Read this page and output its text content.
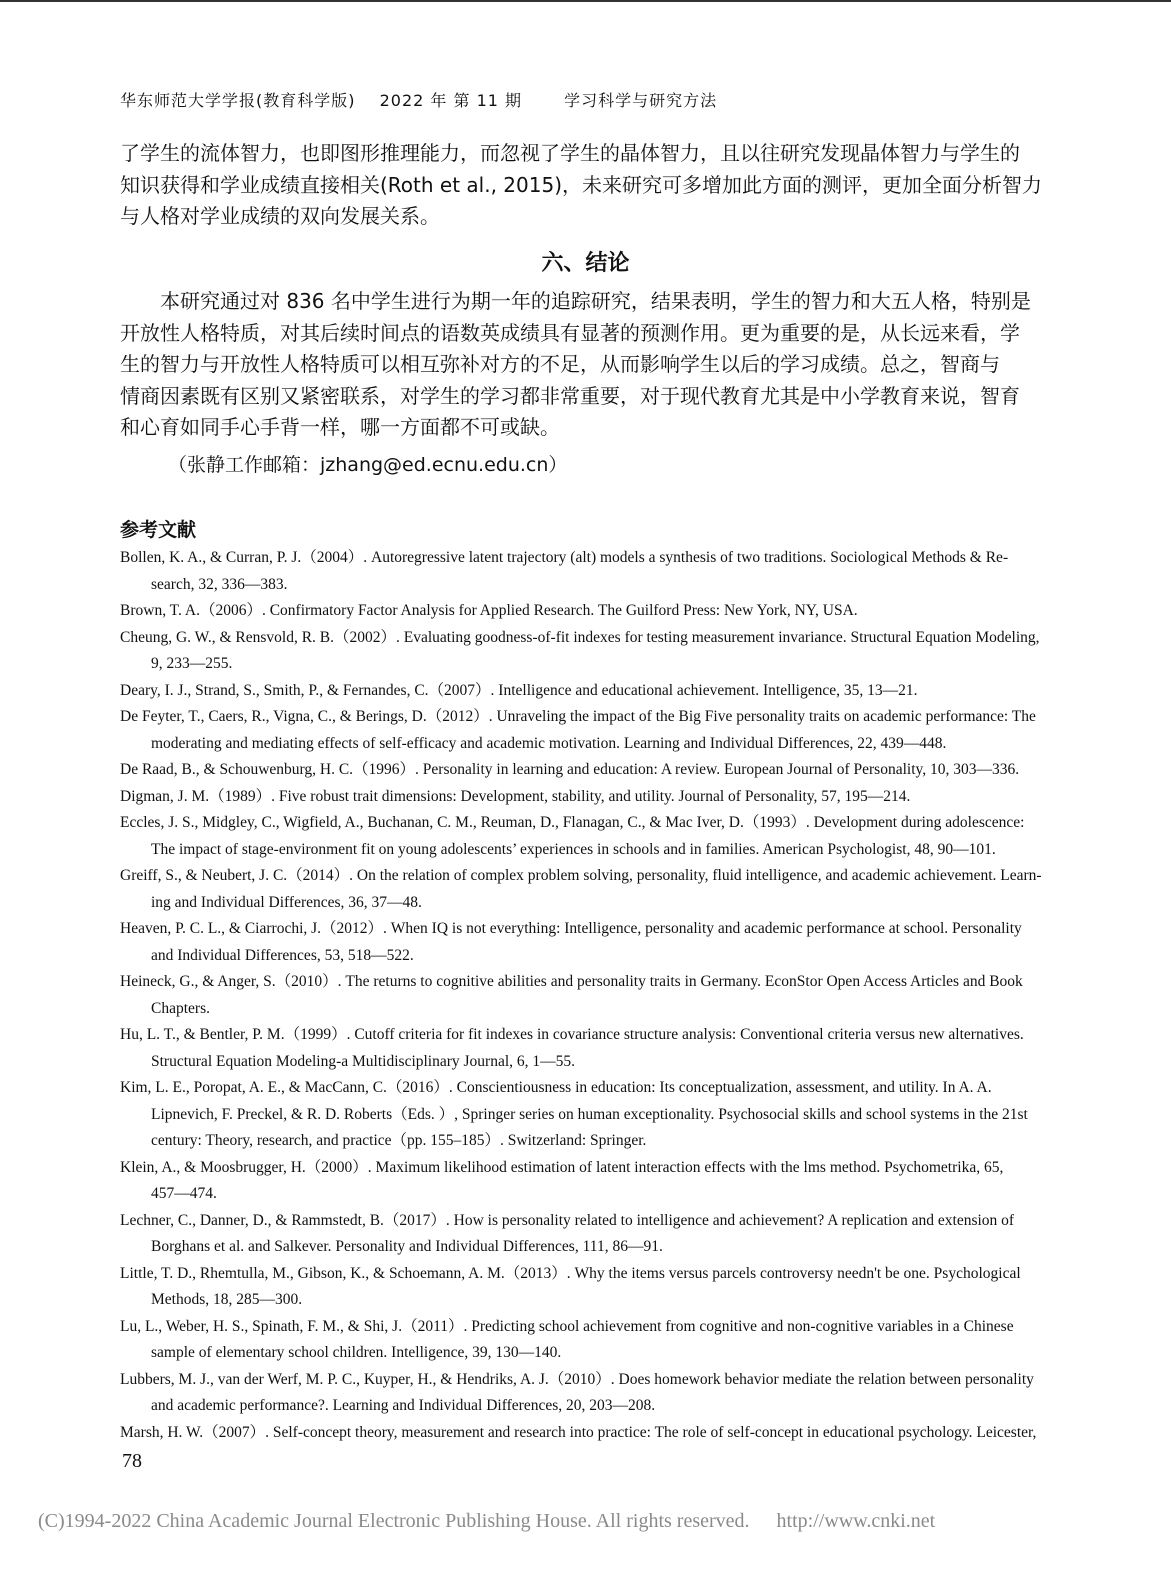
华东师范大学学报(教育科学版) 2022 年 第 11 期	学习科学与研究方法
了学生的流体智力，也即图形推理能力，而忽视了学生的晶体智力，且以往研究发现晶体智力与学生的
知识获得和学业成绩直接相关(Roth et al., 2015)，未来研究可多增加此方面的测评，更加全面分析智力
与人格对学业成绩的双向发展关系。
六、结论
　　本研究通过对 836 名中学生进行为期一年的追踪研究，结果表明，学生的智力和大五人格，特别是
开放性人格特质，对其后续时间点的语数英成绩具有显著的预测作用。更为重要的是，从长远来看，学
生的智力与开放性人格特质可以相互弥补对方的不足，从而影响学生以后的学习成绩。总之，智商与
情商因素既有区别又紧密联系，对学生的学习都非常重要，对于现代教育尤其是中小学教育来说，智育
和心育如同手心手背一样，哪一方面都不可或缺。
（张静工作邮箱：jzhang@ed.ecnu.edu.cn）
参考文献
Bollen, K. A., & Curran, P. J.（2004）. Autoregressive latent trajectory (alt) models a synthesis of two traditions. Sociological Methods & Re-
search, 32, 336—383.
Brown, T. A.（2006）. Confirmatory Factor Analysis for Applied Research. The Guilford Press: New York, NY, USA.
Cheung, G. W., & Rensvold, R. B.（2002）. Evaluating goodness-of-fit indexes for testing measurement invariance. Structural Equation Modeling,
9, 233—255.
Deary, I. J., Strand, S., Smith, P., & Fernandes, C.（2007）. Intelligence and educational achievement. Intelligence, 35, 13—21.
De Feyter, T., Caers, R., Vigna, C., & Berings, D.（2012）. Unraveling the impact of the Big Five personality traits on academic performance: The
moderating and mediating effects of self-efficacy and academic motivation. Learning and Individual Differences, 22, 439—448.
De Raad, B., & Schouwenburg, H. C.（1996）. Personality in learning and education: A review. European Journal of Personality, 10, 303—336.
Digman, J. M.（1989）. Five robust trait dimensions: Development, stability, and utility. Journal of Personality, 57, 195—214.
Eccles, J. S., Midgley, C., Wigfield, A., Buchanan, C. M., Reuman, D., Flanagan, C., & Mac Iver, D.（1993）. Development during adolescence:
The impact of stage-environment fit on young adolescents’ experiences in schools and in families. American Psychologist, 48, 90—101.
Greiff, S., & Neubert, J. C.（2014）. On the relation of complex problem solving, personality, fluid intelligence, and academic achievement. Learn-
ing and Individual Differences, 36, 37—48.
Heaven, P. C. L., & Ciarrochi, J.（2012）. When IQ is not everything: Intelligence, personality and academic performance at school. Personality
and Individual Differences, 53, 518—522.
Heineck, G., & Anger, S.（2010）. The returns to cognitive abilities and personality traits in Germany. EconStor Open Access Articles and Book
Chapters.
Hu, L. T., & Bentler, P. M.（1999）. Cutoff criteria for fit indexes in covariance structure analysis: Conventional criteria versus new alternatives.
Structural Equation Modeling-a Multidisciplinary Journal, 6, 1—55.
Kim, L. E., Poropat, A. E., & MacCann, C.（2016）. Conscientiousness in education: Its conceptualization, assessment, and utility. In A. A.
Lipnevich, F. Preckel, & R. D. Roberts（Eds. ）, Springer series on human exceptionality. Psychosocial skills and school systems in the 21st
century: Theory, research, and practice（pp. 155–185）. Switzerland: Springer.
Klein, A., & Moosbrugger, H.（2000）. Maximum likelihood estimation of latent interaction effects with the lms method. Psychometrika, 65,
457—474.
Lechner, C., Danner, D., & Rammstedt, B.（2017）. How is personality related to intelligence and achievement? A replication and extension of
Borghans et al. and Salkever. Personality and Individual Differences, 111, 86—91.
Little, T. D., Rhemtulla, M., Gibson, K., & Schoemann, A. M.（2013）. Why the items versus parcels controversy needn't be one. Psychological
Methods, 18, 285—300.
Lu, L., Weber, H. S., Spinath, F. M., & Shi, J.（2011）. Predicting school achievement from cognitive and non-cognitive variables in a Chinese
sample of elementary school children. Intelligence, 39, 130—140.
Lubbers, M. J., van der Werf, M. P. C., Kuyper, H., & Hendriks, A. J.（2010）. Does homework behavior mediate the relation between personality
and academic performance?. Learning and Individual Differences, 20, 203—208.
Marsh, H. W.（2007）. Self-concept theory, measurement and research into practice: The role of self-concept in educational psychology. Leicester,
78
(C)1994-2022 China Academic Journal Electronic Publishing House. All rights reserved. http://www.cnki.net
